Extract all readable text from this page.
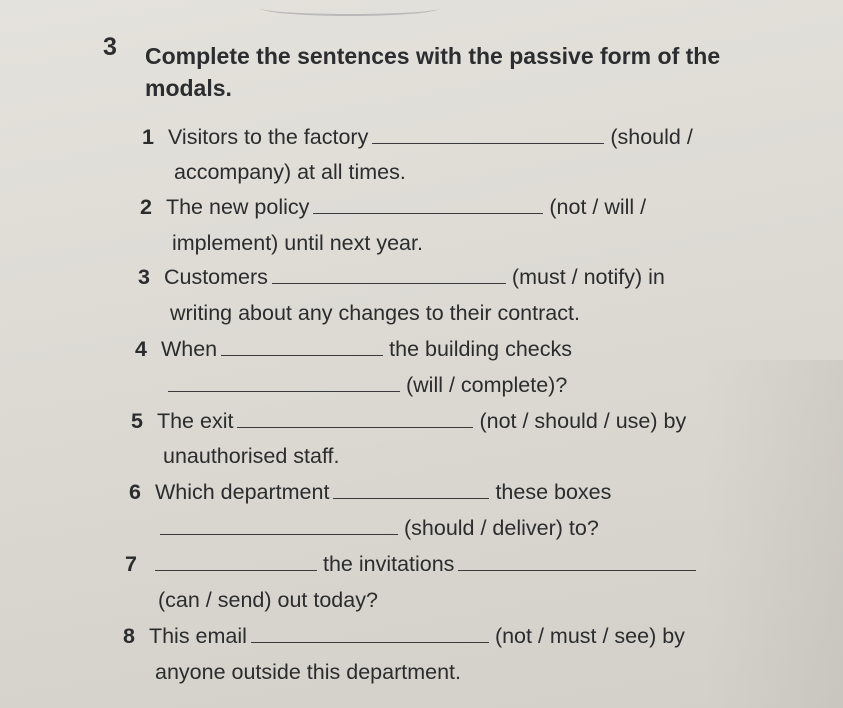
3 Complete the sentences with the passive form of the modals.
1 Visitors to the factory	(should /
accompany) at all times.
2 The new policy	(not / will /
implement) until next year.
3 Customers	(must / notify) in
writing about any changes to their contract.
4 When	the building checks
(will / complete)?
5 The exit	(not / should / use) by
unauthorised staff.
6 Which department	these boxes
(should / deliver) to?
7	the invitations
(can / send) out today?
8 This email	(not / must / see) by
anyone outside this department.
